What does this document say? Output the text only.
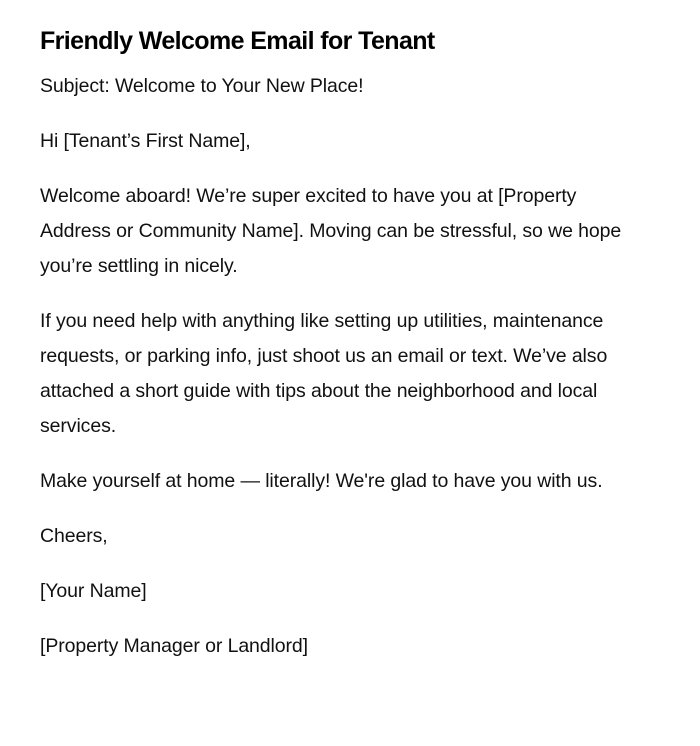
Friendly Welcome Email for Tenant

Subject: Welcome to Your New Place!

Hi [Tenant’s First Name],

Welcome aboard! We’re super excited to have you at [Property Address or Community Name]. Moving can be stressful, so we hope you’re settling in nicely.

If you need help with anything like setting up utilities, maintenance requests, or parking info, just shoot us an email or text. We’ve also attached a short guide with tips about the neighborhood and local services.

Make yourself at home — literally! We're glad to have you with us.

Cheers,

[Your Name]

[Property Manager or Landlord]
